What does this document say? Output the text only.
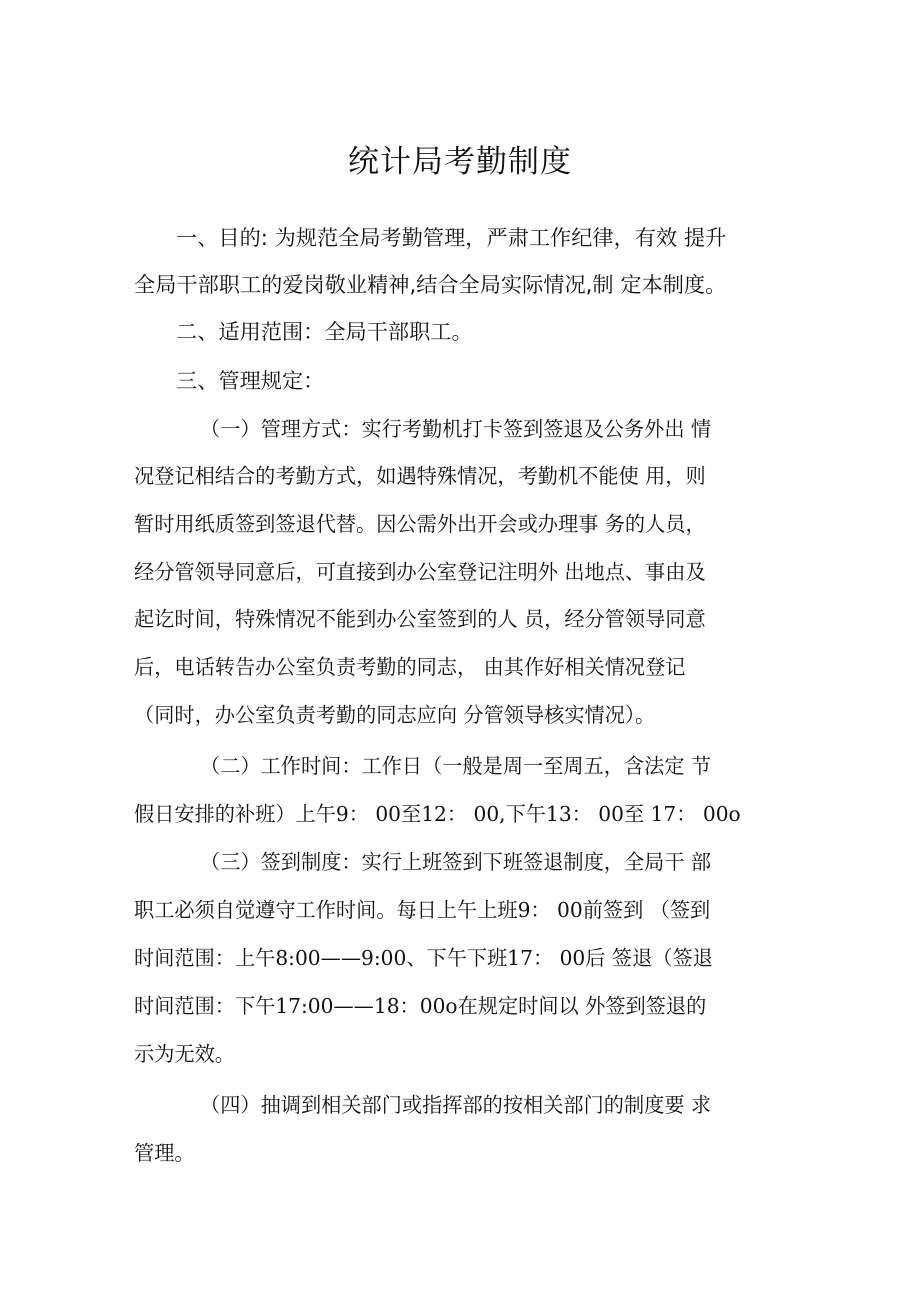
统计局考勤制度
一、目的: 为规范全局考勤管理，严肃工作纪律，有效 提升
全局干部职工的爱岗敬业精神,结合全局实际情况,制 定本制度。
二、适用范围：全局干部职工。
三、管理规定：
（一）管理方式：实行考勤机打卡签到签退及公务外出 情
况登记相结合的考勤方式，如遇特殊情况，考勤机不能使 用，则
暂时用纸质签到签退代替。因公需外出开会或办理事 务的人员，
经分管领导同意后，可直接到办公室登记注明外 出地点、事由及
起讫时间，特殊情况不能到办公室签到的人 员，经分管领导同意
后，电话转告办公室负责考勤的同志， 由其作好相关情况登记
（同时，办公室负责考勤的同志应向 分管领导核实情况）。
（二）工作时间：工作日（一般是周一至周五，含法定 节
假日安排的补班）上午9： 00至12： 00,下午13： 00至 17： 00o
（三）签到制度：实行上班签到下班签退制度，全局干 部
职工必须自觉遵守工作时间。每日上午上班9： 00前签到 （签到
时间范围：上午8:00——9:00、下午下班17： 00后 签退（签退
时间范围：下午17:00——18：00o在规定时间以 外签到签退的
示为无效。
（四）抽调到相关部门或指挥部的按相关部门的制度要 求
管理。
